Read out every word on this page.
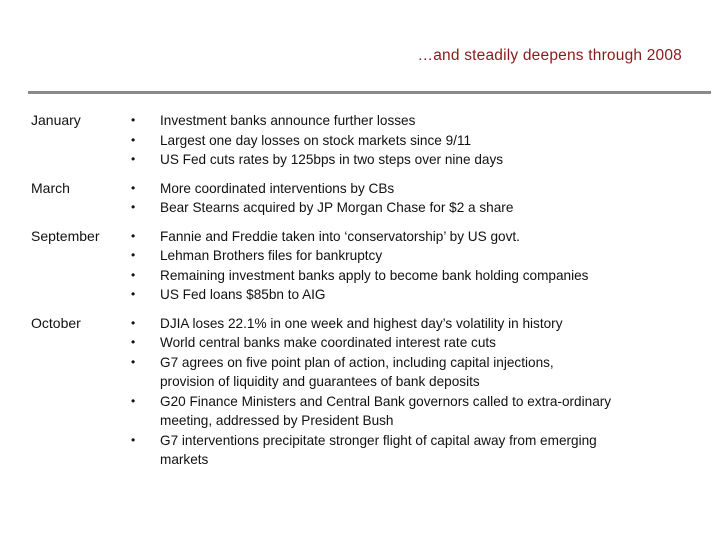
…and steadily deepens through 2008
January	• Investment banks announce further losses
• Largest one day losses on stock markets since 9/11
• US Fed cuts rates by 125bps in two steps over nine days
March	• More coordinated interventions by CBs
• Bear Stearns acquired by JP Morgan Chase for $2 a share
September	• Fannie and Freddie taken into ‘conservatorship’ by US govt.
• Lehman Brothers files for bankruptcy
• Remaining investment banks apply to become bank holding companies
• US Fed loans $85bn to AIG
October	• DJIA loses 22.1% in one week and highest day’s volatility in history
• World central banks make coordinated interest rate cuts
• G7 agrees on five point plan of action, including capital injections,
provision of liquidity and guarantees of bank deposits
• G20 Finance Ministers and Central Bank governors called to extra-ordinary
meeting, addressed by President Bush
• G7 interventions precipitate stronger flight of capital away from emerging
markets
